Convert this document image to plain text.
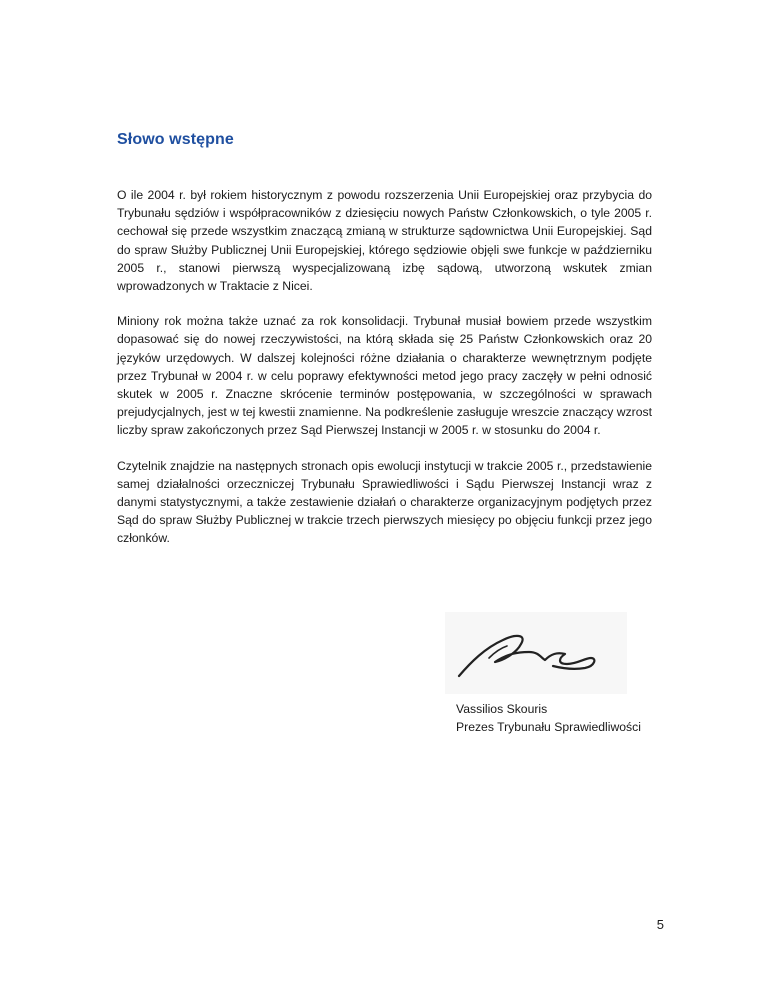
Słowo wstępne

O ile 2004 r. był rokiem historycznym z powodu rozszerzenia Unii Europejskiej oraz przybycia do Trybunału sędziów i współpracowników z dziesięciu nowych Państw Członkowskich, o tyle 2005 r. cechował się przede wszystkim znaczącą zmianą w strukturze sądownictwa Unii Europejskiej. Sąd do spraw Służby Publicznej Unii Europejskiej, którego sędziowie objęli swe funkcje w październiku 2005 r., stanowi pierwszą wyspecjalizowaną izbę sądową, utworzoną wskutek zmian wprowadzonych w Traktacie z Nicei.

Miniony rok można także uznać za rok konsolidacji. Trybunał musiał bowiem przede wszystkim dopasować się do nowej rzeczywistości, na którą składa się 25 Państw Członkowskich oraz 20 języków urzędowych. W dalszej kolejności różne działania o charakterze wewnętrznym podjęte przez Trybunał w 2004 r. w celu poprawy efektywności metod jego pracy zaczęły w pełni odnosić skutek w 2005 r. Znaczne skrócenie terminów postępowania, w szczególności w sprawach prejudycjalnych, jest w tej kwestii znamienne. Na podkreślenie zasługuje wreszcie znaczący wzrost liczby spraw zakończonych przez Sąd Pierwszej Instancji w 2005 r. w stosunku do 2004 r.

Czytelnik znajdzie na następnych stronach opis ewolucji instytucji w trakcie 2005 r., przedstawienie samej działalności orzeczniczej Trybunału Sprawiedliwości i Sądu Pierwszej Instancji wraz z danymi statystycznymi, a także zestawienie działań o charakterze organizacyjnym podjętych przez Sąd do spraw Służby Publicznej w trakcie trzech pierwszych miesięcy po objęciu funkcji przez jego członków.

Vassilios Skouris
Prezes Trybunału Sprawiedliwości
5
